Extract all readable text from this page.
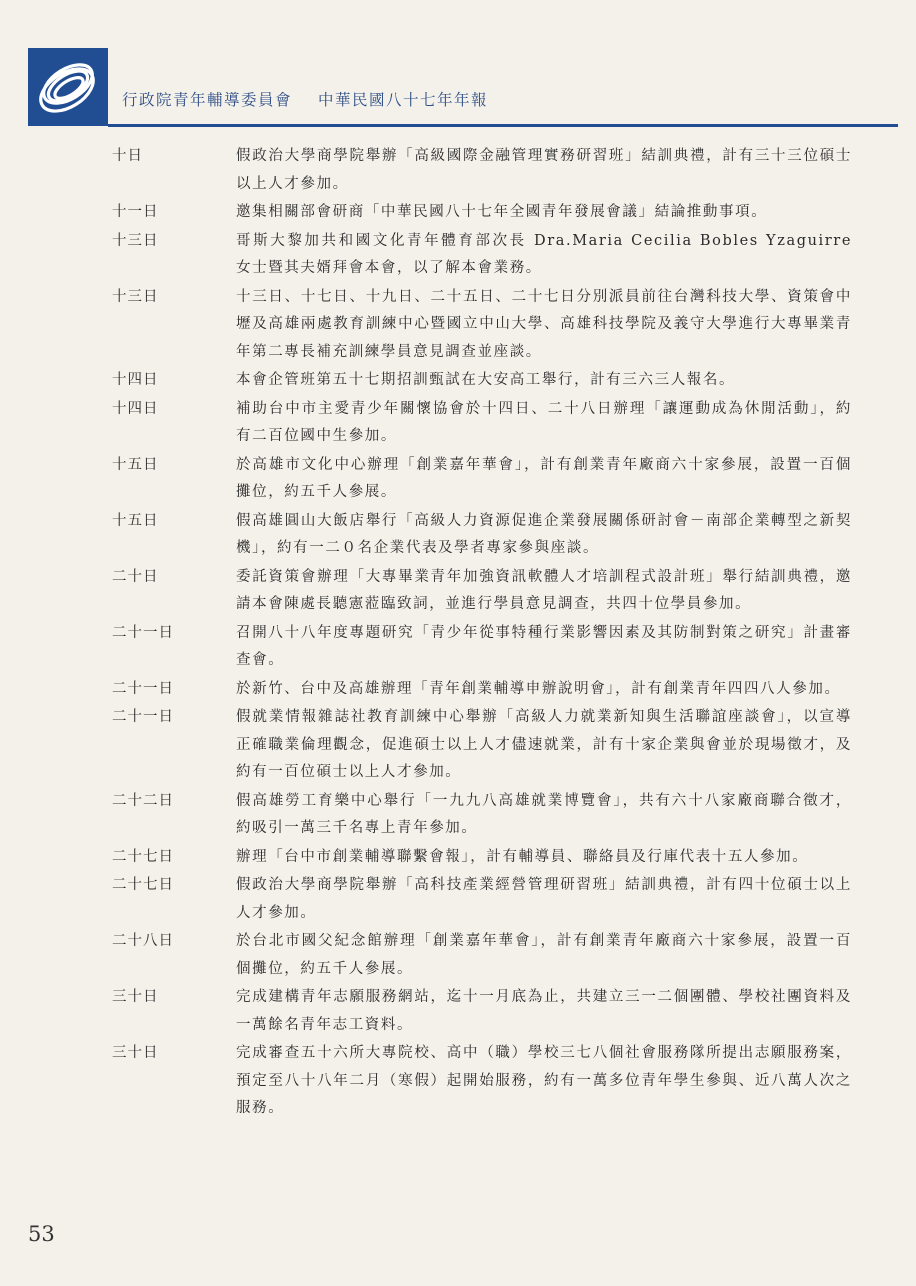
行政院青年輔導委員會 中華民國八十七年年報
十日	假政治大學商學院舉辦「高級國際金融管理實務研習班」結訓典禮，計有三十三位碩士以上人才參加。
十一日	邀集相關部會研商「中華民國八十七年全國青年發展會議」結論推動事項。
十三日	哥斯大黎加共和國文化青年體育部次長 Dra.Maria Cecilia Bobles Yzaguirre 女士暨其夫婿拜會本會，以了解本會業務。
十三日	十三日、十七日、十九日、二十五日、二十七日分別派員前往台灣科技大學、資策會中壢及高雄兩處教育訓練中心暨國立中山大學、高雄科技學院及義守大學進行大專畢業青年第二專長補充訓練學員意見調查並座談。
十四日	本會企管班第五十七期招訓甄試在大安高工舉行，計有三六三人報名。
十四日	補助台中市主愛青少年關懷協會於十四日、二十八日辦理「讓運動成為休閒活動」，約有二百位國中生參加。
十五日	於高雄市文化中心辦理「創業嘉年華會」，計有創業青年廠商六十家參展，設置一百個攤位，約五千人參展。
十五日	假高雄圓山大飯店舉行「高級人力資源促進企業發展關係研討會－南部企業轉型之新契機」，約有一二０名企業代表及學者專家參與座談。
二十日	委託資策會辦理「大專畢業青年加強資訊軟體人才培訓程式設計班」舉行結訓典禮，邀請本會陳處長聽憲蒞臨致詞，並進行學員意見調查，共四十位學員參加。
二十一日	召開八十八年度專題研究「青少年從事特種行業影響因素及其防制對策之研究」計畫審查會。
二十一日	於新竹、台中及高雄辦理「青年創業輔導申辦說明會」，計有創業青年四四八人參加。
二十一日	假就業情報雜誌社教育訓練中心舉辦「高級人力就業新知與生活聯誼座談會」，以宣導正確職業倫理觀念，促進碩士以上人才儘速就業，計有十家企業與會並於現場徵才，及約有一百位碩士以上人才參加。
二十二日	假高雄勞工育樂中心舉行「一九九八高雄就業博覽會」，共有六十八家廠商聯合徵才，約吸引一萬三千名專上青年參加。
二十七日	辦理「台中市創業輔導聯繫會報」，計有輔導員、聯絡員及行庫代表十五人參加。
二十七日	假政治大學商學院舉辦「高科技產業經營管理研習班」結訓典禮，計有四十位碩士以上人才參加。
二十八日	於台北市國父紀念館辦理「創業嘉年華會」，計有創業青年廠商六十家參展，設置一百個攤位，約五千人參展。
三十日	完成建構青年志願服務網站，迄十一月底為止，共建立三一二個團體、學校社團資料及一萬餘名青年志工資料。
三十日	完成審查五十六所大專院校、高中（職）學校三七八個社會服務隊所提出志願服務案，預定至八十八年二月（寒假）起開始服務，約有一萬多位青年學生參與、近八萬人次之服務。
53
